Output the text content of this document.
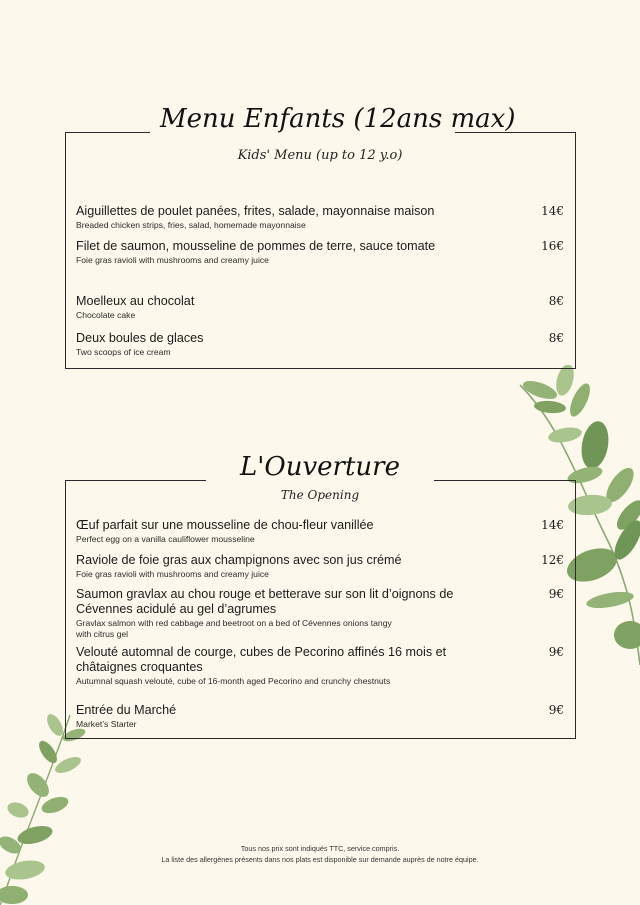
Menu Enfants (12ans max)
Kids' Menu (up to 12 y.o)
Aiguillettes de poulet panées, frites, salade, mayonnaise maison
Breaded chicken strips, fries, salad, homemade mayonnaise
14€
Filet de saumon, mousseline de pommes de terre, sauce tomate
Foie gras ravioli with mushrooms and creamy juice
16€
Moelleux au chocolat
Chocolate cake
8€
Deux boules de glaces
Two scoops of ice cream
8€
L'Ouverture
The Opening
Œuf parfait sur une mousseline de chou-fleur vanillée
Perfect egg on a vanilla cauliflower mousseline
14€
Raviole de foie gras aux champignons avec son jus crémé
Foie gras ravioli with mushrooms and creamy juice
12€
Saumon gravlax au chou rouge et betterave sur son lit d’oignons de Cévennes acidulé au gel d’agrumes
Gravlax salmon with red cabbage and beetroot on a bed of Cévennes onions tangy with citrus gel
9€
Velouté automnal de courge, cubes de Pecorino affinés 16 mois et châtaignes croquantes
Autumnal squash velouté, cube of 16-month aged Pecorino and crunchy chestnuts
9€
Entrée du Marché
Market’s Starter
9€
Tous nos prix sont indiqués TTC, service compris.
La liste des allergènes présents dans nos plats est disponible sur demande auprès de notre équipe.
